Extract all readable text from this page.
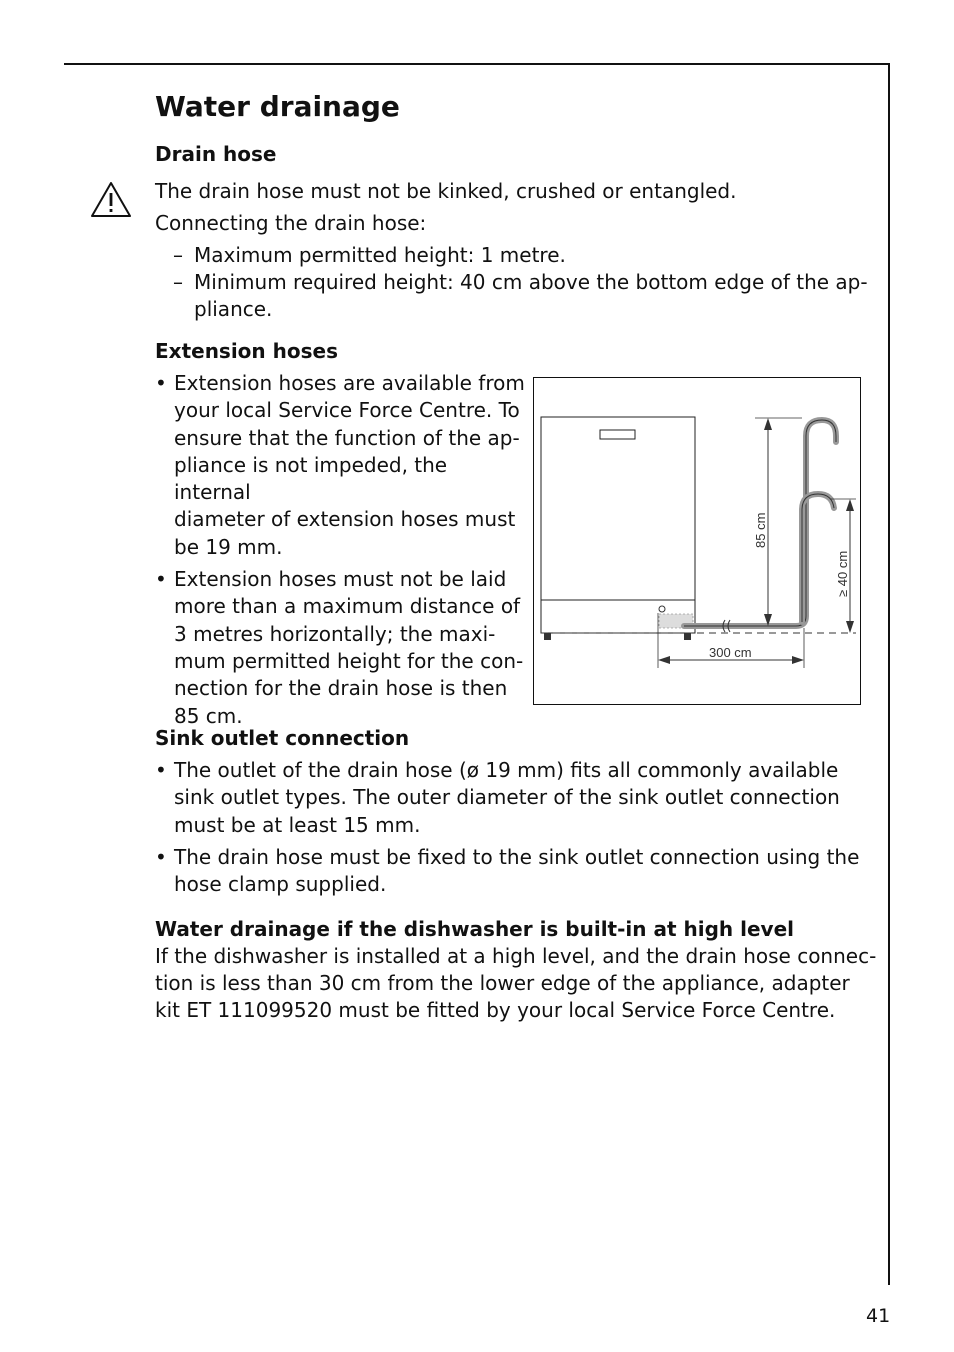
Water drainage
Drain hose

The drain hose must not be kinked, crushed or entangled.

Connecting the drain hose:

– Maximum permitted height: 1 metre.
– Minimum required height: 40 cm above the bottom edge of the ap-
pliance.
Extension hoses
• Extension hoses are available from
your local Service Force Centre. To
ensure that the function of the ap-
pliance is not impeded, the internal
diameter of extension hoses must
be 19 mm.
• Extension hoses must not be laid
more than a maximum distance of
3 metres horizontally; the maxi-
mum permitted height for the con-
nection for the drain hose is then
85 cm.
85 cm
≥ 40 cm
300 cm
Sink outlet connection
• The outlet of the drain hose (ø 19 mm) fits all commonly available
sink outlet types. The outer diameter of the sink outlet connection
must be at least 15 mm.
• The drain hose must be fixed to the sink outlet connection using the
hose clamp supplied.
Water drainage if the dishwasher is built-in at high level

If the dishwasher is installed at a high level, and the drain hose connec-

tion is less than 30 cm from the lower edge of the appliance, adapter

kit ET 111099520 must be fitted by your local Service Force Centre.

41
